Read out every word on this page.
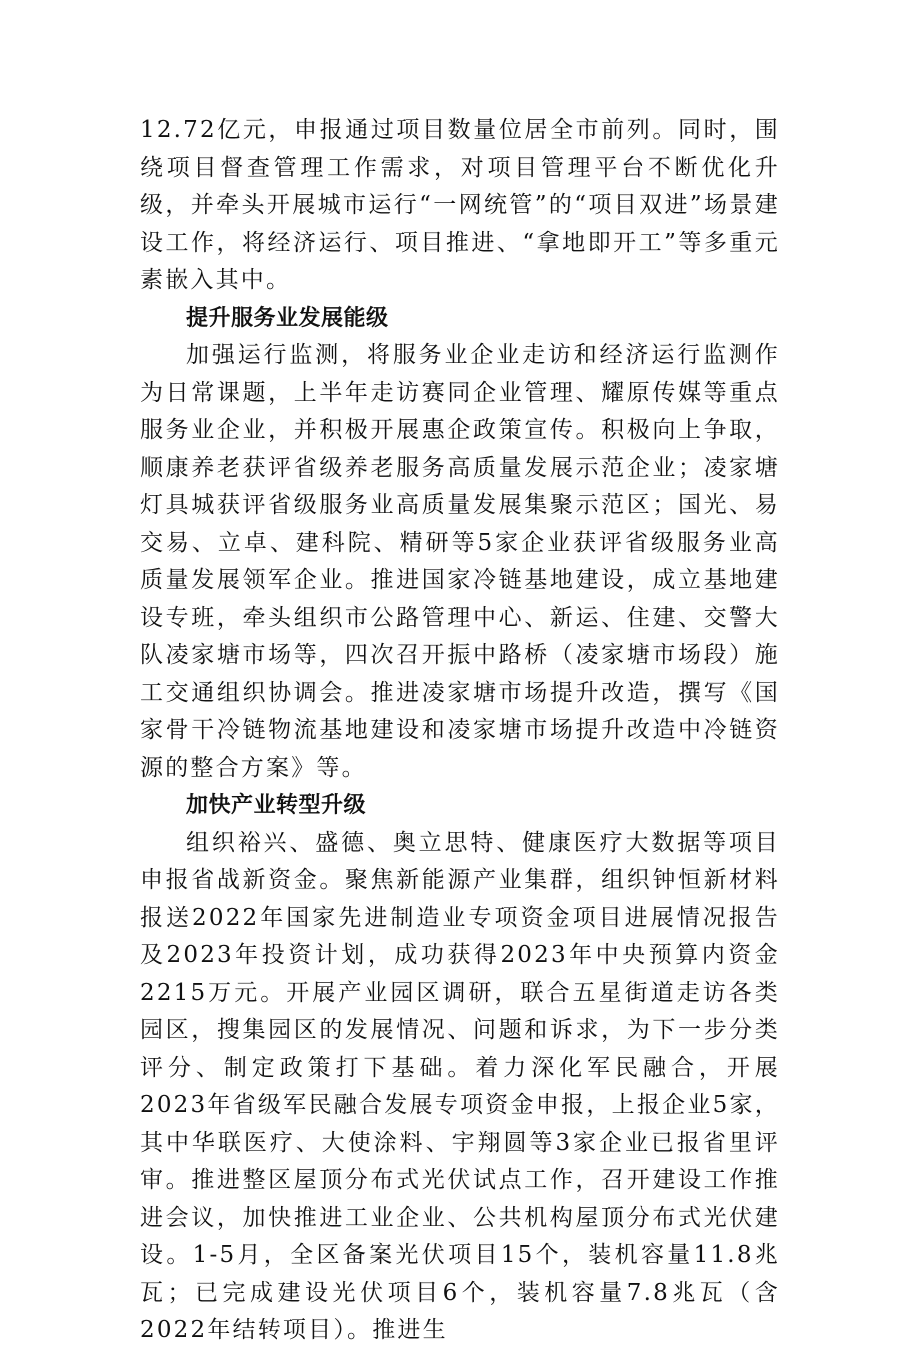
12.72亿元，申报通过项目数量位居全市前列。同时，围绕项目督查管理工作需求，对项目管理平台不断优化升级，并牵头开展城市运行“一网统管”的“项目双进”场景建设工作，将经济运行、项目推进、“拿地即开工”等多重元素嵌入其中。

提升服务业发展能级

加强运行监测，将服务业企业走访和经济运行监测作为日常课题，上半年走访赛同企业管理、耀原传媒等重点服务业企业，并积极开展惠企政策宣传。积极向上争取，顺康养老获评省级养老服务高质量发展示范企业；凌家塘灯具城获评省级服务业高质量发展集聚示范区；国光、易交易、立卓、建科院、精研等5家企业获评省级服务业高质量发展领军企业。推进国家冷链基地建设，成立基地建设专班，牵头组织市公路管理中心、新运、住建、交警大队凌家塘市场等，四次召开振中路桥（凌家塘市场段）施工交通组织协调会。推进凌家塘市场提升改造，撰写《国家骨干冷链物流基地建设和凌家塘市场提升改造中冷链资源的整合方案》等。

加快产业转型升级

组织裕兴、盛德、奥立思特、健康医疗大数据等项目申报省战新资金。聚焦新能源产业集群，组织钟恒新材料报送2022年国家先进制造业专项资金项目进展情况报告及2023年投资计划，成功获得2023年中央预算内资金2215万元。开展产业园区调研，联合五星街道走访各类园区，搜集园区的发展情况、问题和诉求，为下一步分类评分、制定政策打下基础。着力深化军民融合，开展2023年省级军民融合发展专项资金申报，上报企业5家，其中华联医疗、大使涂料、宇翔圆等3家企业已报省里评审。推进整区屋顶分布式光伏试点工作，召开建设工作推进会议，加快推进工业企业、公共机构屋顶分布式光伏建设。1-5月，全区备案光伏项目15个，装机容量11.8兆瓦；已完成建设光伏项目6个，装机容量7.8兆瓦（含2022年结转项目）。推进生
